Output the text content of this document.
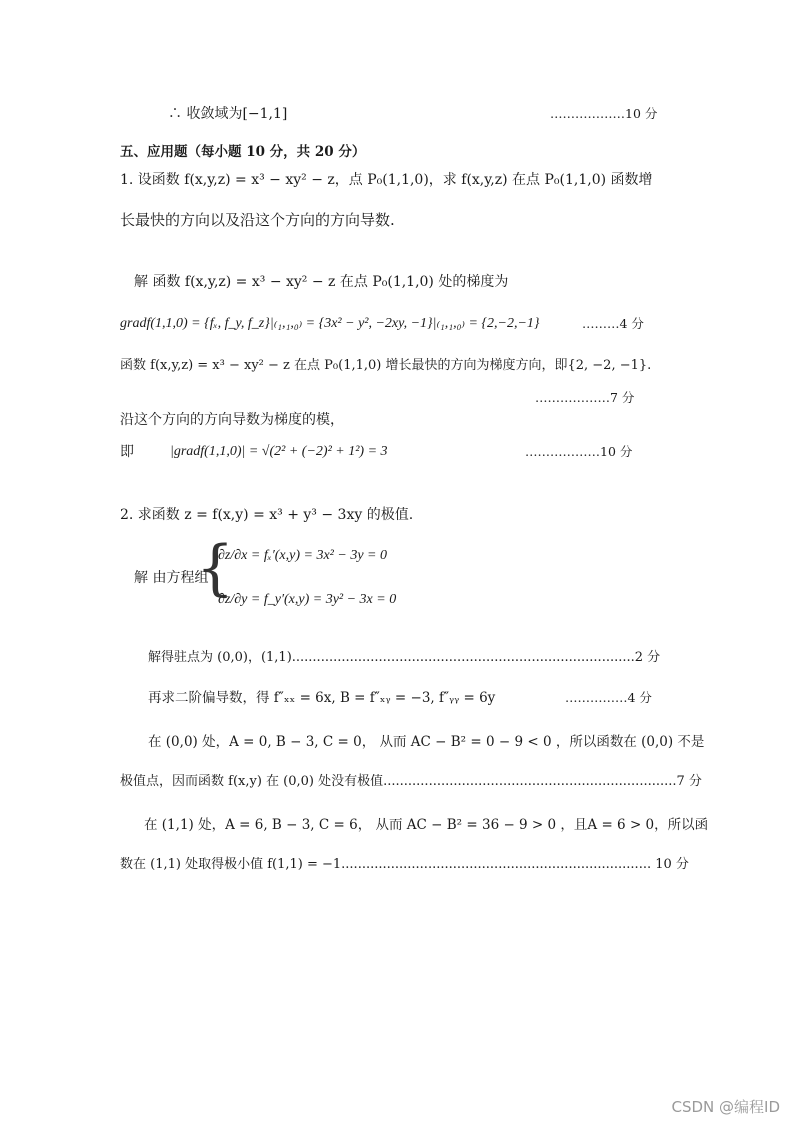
∴ 收敛域为[−1,1]	………………10 分
五、应用题（每小题 10 分，共 20 分）
1. 设函数 f(x,y,z) = x³ − xy² − z，点 P₀(1,1,0)，求 f(x,y,z) 在点 P₀(1,1,0) 函数增
长最快的方向以及沿这个方向的方向导数.
解 函数 f(x,y,z) = x³ − xy² − z 在点 P₀(1,1,0) 处的梯度为
gradf(1,1,0) = {fₓ, f_y, f_z}|₍₁,₁,₀₎ = {3x² − y², −2xy, −1}|₍₁,₁,₀₎ = {2,−2,−1}	………4 分
函数 f(x,y,z) = x³ − xy² − z 在点 P₀(1,1,0) 增长最快的方向为梯度方向，即{2, −2, −1}.
………………7 分
沿这个方向的方向导数为梯度的模，
即	|gradf(1,1,0)| = √(2² + (−2)² + 1²) = 3	………………10 分
2. 求函数 z = f(x,y) = x³ + y³ − 3xy 的极值.
解 由方程组
{
∂z/∂x = fₓ′(x,y) = 3x² − 3y = 0
∂z/∂y = f_y′(x,y) = 3y² − 3x = 0
解得驻点为 (0,0)，(1,1)...................................................................................2 分
再求二阶偏导数，得 f″ₓₓ = 6x, B = f″ₓᵧ = −3, f″ᵧᵧ = 6y	……………4 分
在 (0,0) 处，A = 0, B − 3, C = 0， 从而 AC − B² = 0 − 9 < 0 ，所以函数在 (0,0) 不是
极值点，因而函数 f(x,y) 在 (0,0) 处没有极值.......................................................................7 分
在 (1,1) 处，A = 6, B − 3, C = 6， 从而 AC − B² = 36 − 9 > 0 ，且A = 6 > 0，所以函
数在 (1,1) 处取得极小值 f(1,1) = −1........................................................................... 10 分
CSDN @编程ID
